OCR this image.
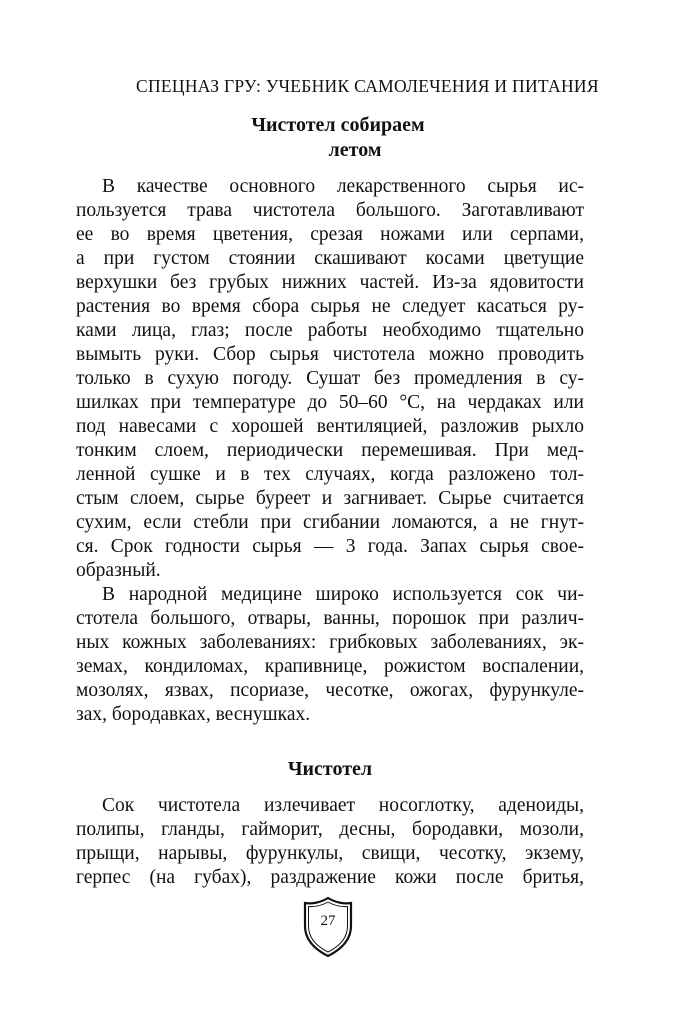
СПЕЦНАЗ ГРУ: УЧЕБНИК САМОЛЕЧЕНИЯ И ПИТАНИЯ
Чистотел собираем
летом
В качестве основного лекарственного сырья ис-
пользуется трава чистотела большого. Заготавливают
ее во время цветения, срезая ножами или серпами,
а при густом стоянии скашивают косами цветущие
верхушки без грубых нижних частей. Из-за ядовитости
растения во время сбора сырья не следует касаться ру-
ками лица, глаз; после работы необходимо тщательно
вымыть руки. Сбор сырья чистотела можно проводить
только в сухую погоду. Сушат без промедления в су-
шилках при температуре до 50–60 °С, на чердаках или
под навесами с хорошей вентиляцией, разложив рыхло
тонким слоем, периодически перемешивая. При мед-
ленной сушке и в тех случаях, когда разложено тол-
стым слоем, сырье буреет и загнивает. Сырье считается
сухим, если стебли при сгибании ломаются, а не гнут-
ся. Срок годности сырья — 3 года. Запах сырья свое-
образный.
В народной медицине широко используется сок чи-
стотела большого, отвары, ванны, порошок при различ-
ных кожных заболеваниях: грибковых заболеваниях, эк-
земах, кондиломах, крапивнице, рожистом воспалении,
мозолях, язвах, псориазе, чесотке, ожогах, фурункуле-
зах, бородавках, веснушках.
Чистотел
Сок чистотела излечивает носоглотку, аденоиды,
полипы, гланды, гайморит, десны, бородавки, мозоли,
прыщи, нарывы, фурункулы, свищи, чесотку, экзему,
герпес (на губах), раздражение кожи после бритья,
27
